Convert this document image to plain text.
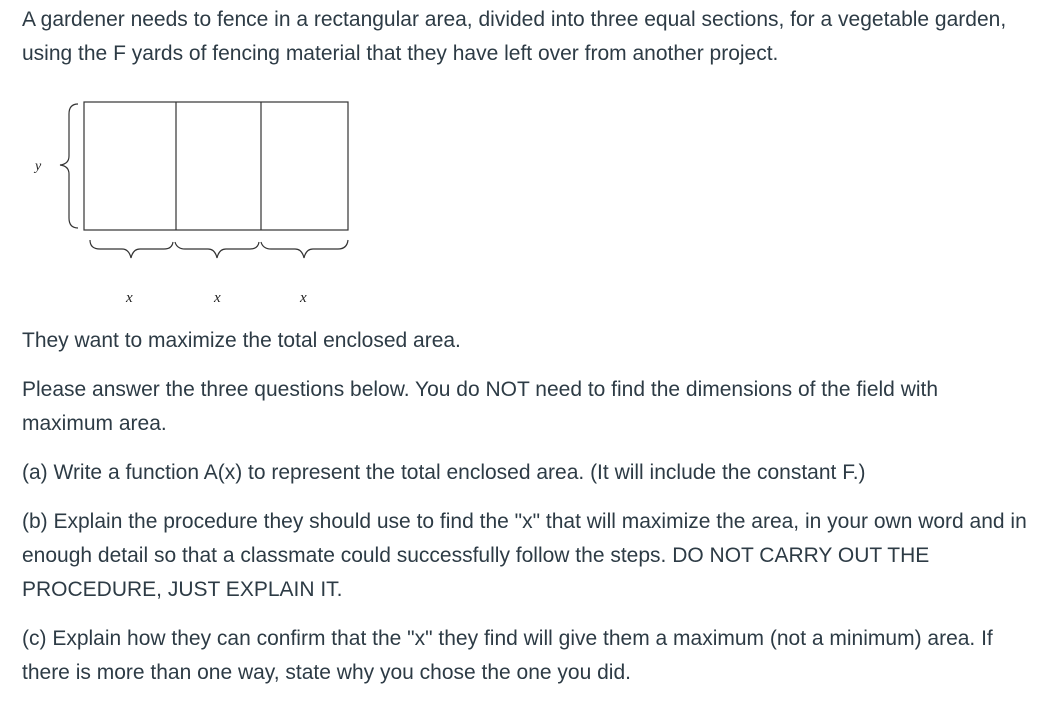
A gardener needs to fence in a rectangular area, divided into three equal sections, for a vegetable garden, using the F yards of fencing material that they have left over from another project.

They want to maximize the total enclosed area.

Please answer the three questions below. You do NOT need to find the dimensions of the field with maximum area.

(a) Write a function A(x) to represent the total enclosed area. (It will include the constant F.)

(b) Explain the procedure they should use to find the "x" that will maximize the area, in your own word and in enough detail so that a classmate could successfully follow the steps. DO NOT CARRY OUT THE PROCEDURE, JUST EXPLAIN IT.

(c) Explain how they can confirm that the "x" they find will give them a maximum (not a minimum) area. If there is more than one way, state why you chose the one you did.

y
x	x	x
